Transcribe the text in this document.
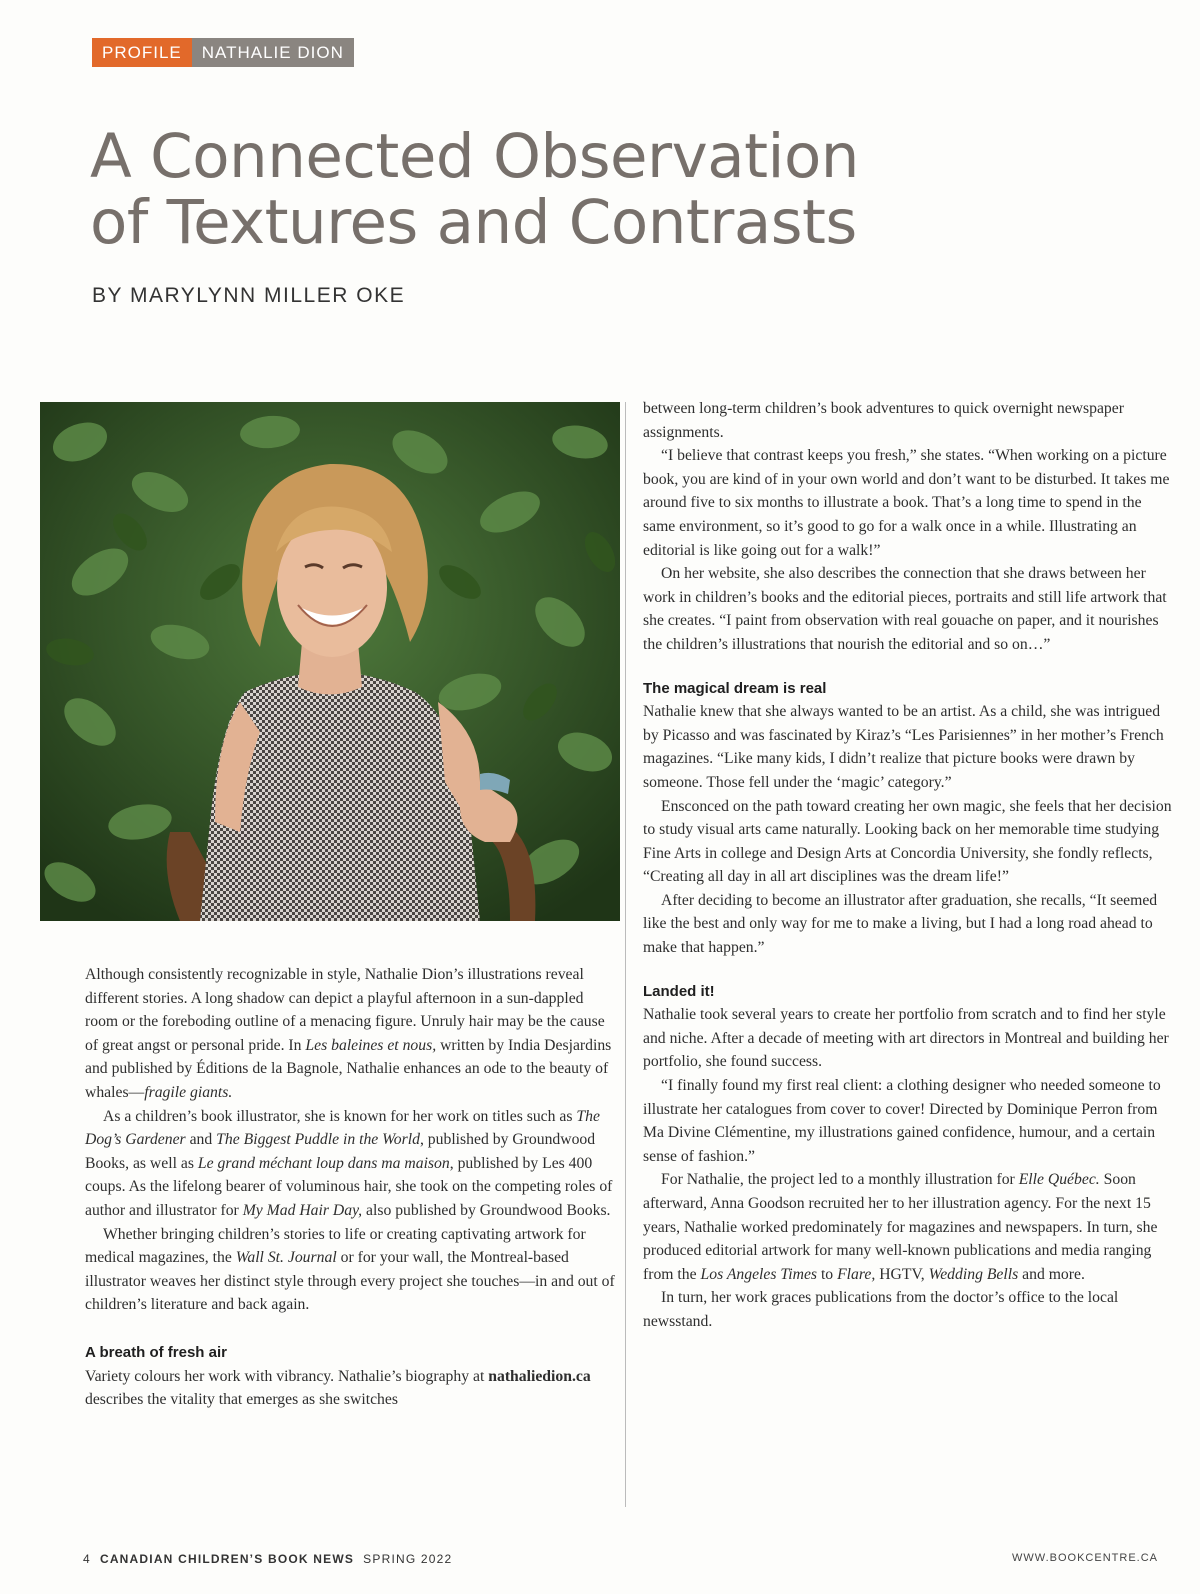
PROFILE	NATHALIE DION
A Connected Observation
of Textures and Contrasts
BY MARYLYNN MILLER OKE

Although consistently recognizable in style, Nathalie Dion’s illustrations reveal different stories. A long shadow can depict a playful afternoon in a sun-dappled room or the foreboding outline of a menacing figure. Unruly hair may be the cause of great angst or personal pride. In Les baleines et nous, written by India Desjardins and published by Éditions de la Bagnole, Nathalie enhances an ode to the beauty of whales—fragile giants.

As a children’s book illustrator, she is known for her work on titles such as The Dog’s Gardener and The Biggest Puddle in the World, published by Groundwood Books, as well as Le grand méchant loup dans ma maison, published by Les 400 coups. As the lifelong bearer of voluminous hair, she took on the competing roles of author and illustrator for My Mad Hair Day, also published by Groundwood Books.

Whether bringing children’s stories to life or creating captivating artwork for medical magazines, the Wall St. Journal or for your wall, the Montreal-based illustrator weaves her distinct style through every project she touches—in and out of children’s literature and back again.

A breath of fresh air

Variety colours her work with vibrancy. Nathalie’s biography at nathaliedion.ca describes the vitality that emerges as she switches

between long-term children’s book adventures to quick overnight newspaper assignments.

“I believe that contrast keeps you fresh,” she states. “When working on a picture book, you are kind of in your own world and don’t want to be disturbed. It takes me around five to six months to illustrate a book. That’s a long time to spend in the same environment, so it’s good to go for a walk once in a while. Illustrating an editorial is like going out for a walk!”

On her website, she also describes the connection that she draws between her work in children’s books and the editorial pieces, portraits and still life artwork that she creates. “I paint from observation with real gouache on paper, and it nourishes the children’s illustrations that nourish the editorial and so on…”

The magical dream is real

Nathalie knew that she always wanted to be an artist. As a child, she was intrigued by Picasso and was fascinated by Kiraz’s “Les Parisiennes” in her mother’s French magazines. “Like many kids, I didn’t realize that picture books were drawn by someone. Those fell under the ‘magic’ category.”

Ensconced on the path toward creating her own magic, she feels that her decision to study visual arts came naturally. Looking back on her memorable time studying Fine Arts in college and Design Arts at Concordia University, she fondly reflects, “Creating all day in all art disciplines was the dream life!”

After deciding to become an illustrator after graduation, she recalls, “It seemed like the best and only way for me to make a living, but I had a long road ahead to make that happen.”

Landed it!

Nathalie took several years to create her portfolio from scratch and to find her style and niche. After a decade of meeting with art directors in Montreal and building her portfolio, she found success.

“I finally found my first real client: a clothing designer who needed someone to illustrate her catalogues from cover to cover! Directed by Dominique Perron from Ma Divine Clémentine, my illustrations gained confidence, humour, and a certain sense of fashion.”

For Nathalie, the project led to a monthly illustration for Elle Québec. Soon afterward, Anna Goodson recruited her to her illustration agency. For the next 15 years, Nathalie worked predominately for magazines and newspapers. In turn, she produced editorial artwork for many well-known publications and media ranging from the Los Angeles Times to Flare, HGTV, Wedding Bells and more.

In turn, her work graces publications from the doctor’s office to the local newsstand.

4 CANADIAN CHILDREN’S BOOK NEWS SPRING 2022	WWW.BOOKCENTRE.CA
